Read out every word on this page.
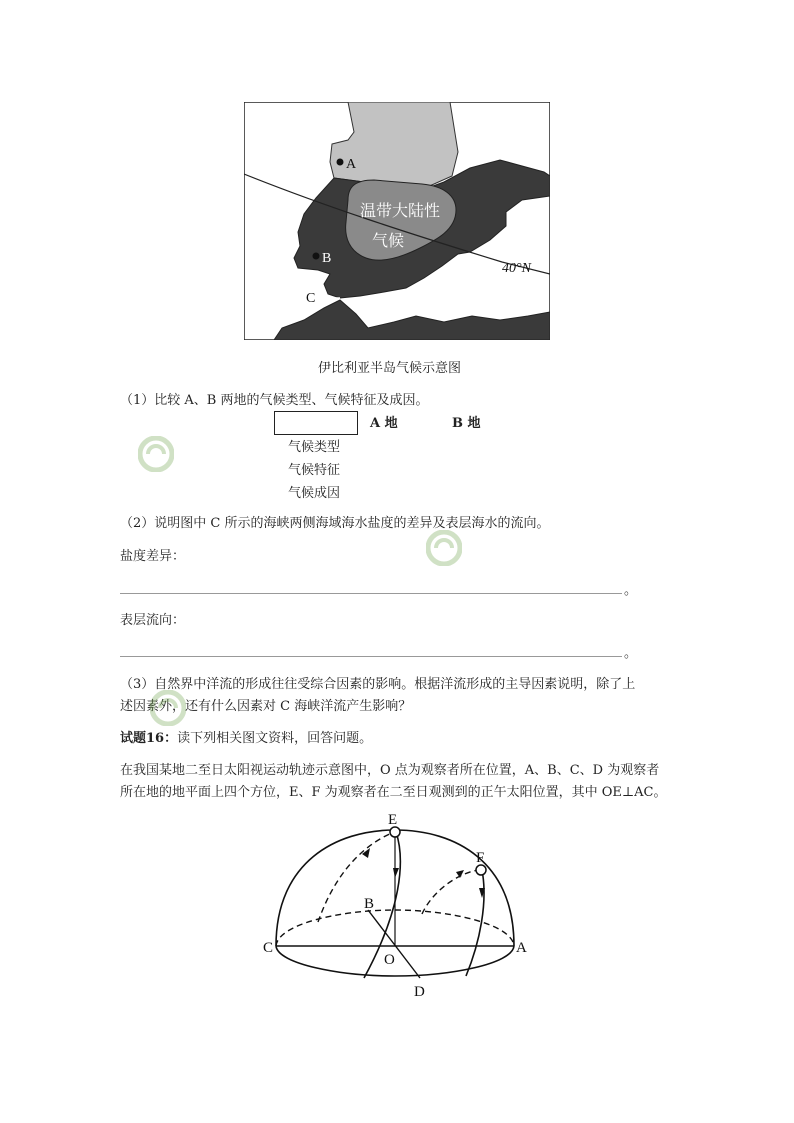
A
B
C
温带大陆性
气候
40°N
伊比利亚半岛气候示意图
（1）比较 A、B 两地的气候类型、气候特征及成因。
A 地	B 地
气候类型
气候特征
气候成因
（2）说明图中 C 所示的海峡两侧海域海水盐度的差异及表层海水的流向。
盐度差异：
。
表层流向：
。
（3）自然界中洋流的形成往往受综合因素的影响。根据洋流形成的主导因素说明，除了上
述因素外，还有什么因素对 C 海峡洋流产生影响？
试题16：读下列相关图文资料，回答问题。
在我国某地二至日太阳视运动轨迹示意图中，O 点为观察者所在位置，A、B、C、D 为观察者
所在地的地平面上四个方位，E、F 为观察者在二至日观测到的正午太阳位置，其中 OE⊥AC。
E
F
B
C	A
O
D
